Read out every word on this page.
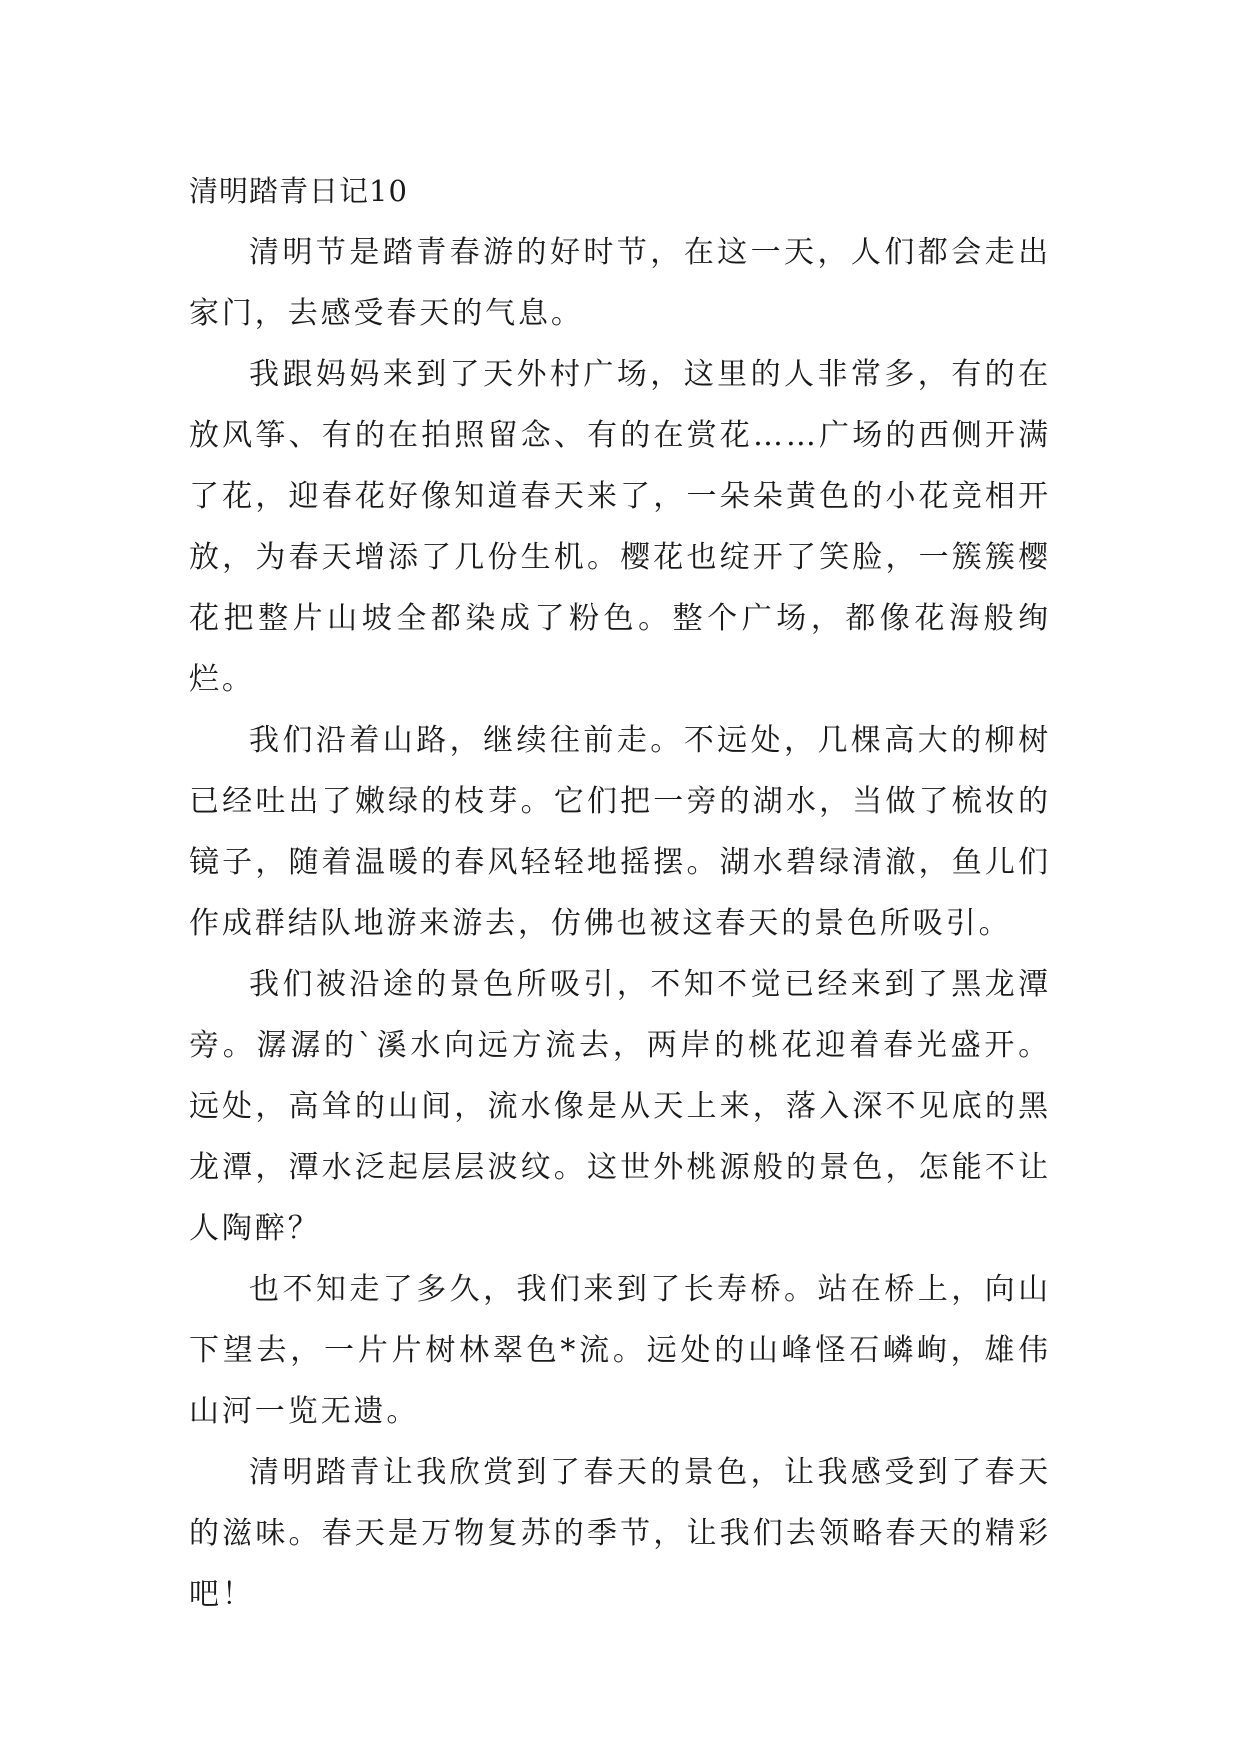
清明踏青日记10

清明节是踏青春游的好时节，在这一天，人们都会走出家门，去感受春天的气息。

我跟妈妈来到了天外村广场，这里的人非常多，有的在放风筝、有的在拍照留念、有的在赏花……广场的西侧开满了花，迎春花好像知道春天来了，一朵朵黄色的小花竞相开放，为春天增添了几份生机。樱花也绽开了笑脸，一簇簇樱花把整片山坡全都染成了粉色。整个广场，都像花海般绚烂。

我们沿着山路，继续往前走。不远处，几棵高大的柳树已经吐出了嫩绿的枝芽。它们把一旁的湖水，当做了梳妆的镜子，随着温暖的春风轻轻地摇摆。湖水碧绿清澈，鱼儿们作成群结队地游来游去，仿佛也被这春天的景色所吸引。

我们被沿途的景色所吸引，不知不觉已经来到了黑龙潭旁。潺潺的`溪水向远方流去，两岸的桃花迎着春光盛开。远处，高耸的山间，流水像是从天上来，落入深不见底的黑龙潭，潭水泛起层层波纹。这世外桃源般的景色，怎能不让人陶醉？

也不知走了多久，我们来到了长寿桥。站在桥上，向山下望去，一片片树林翠色*流。远处的山峰怪石嶙峋，雄伟山河一览无遗。

清明踏青让我欣赏到了春天的景色，让我感受到了春天的滋味。春天是万物复苏的季节，让我们去领略春天的精彩吧！
